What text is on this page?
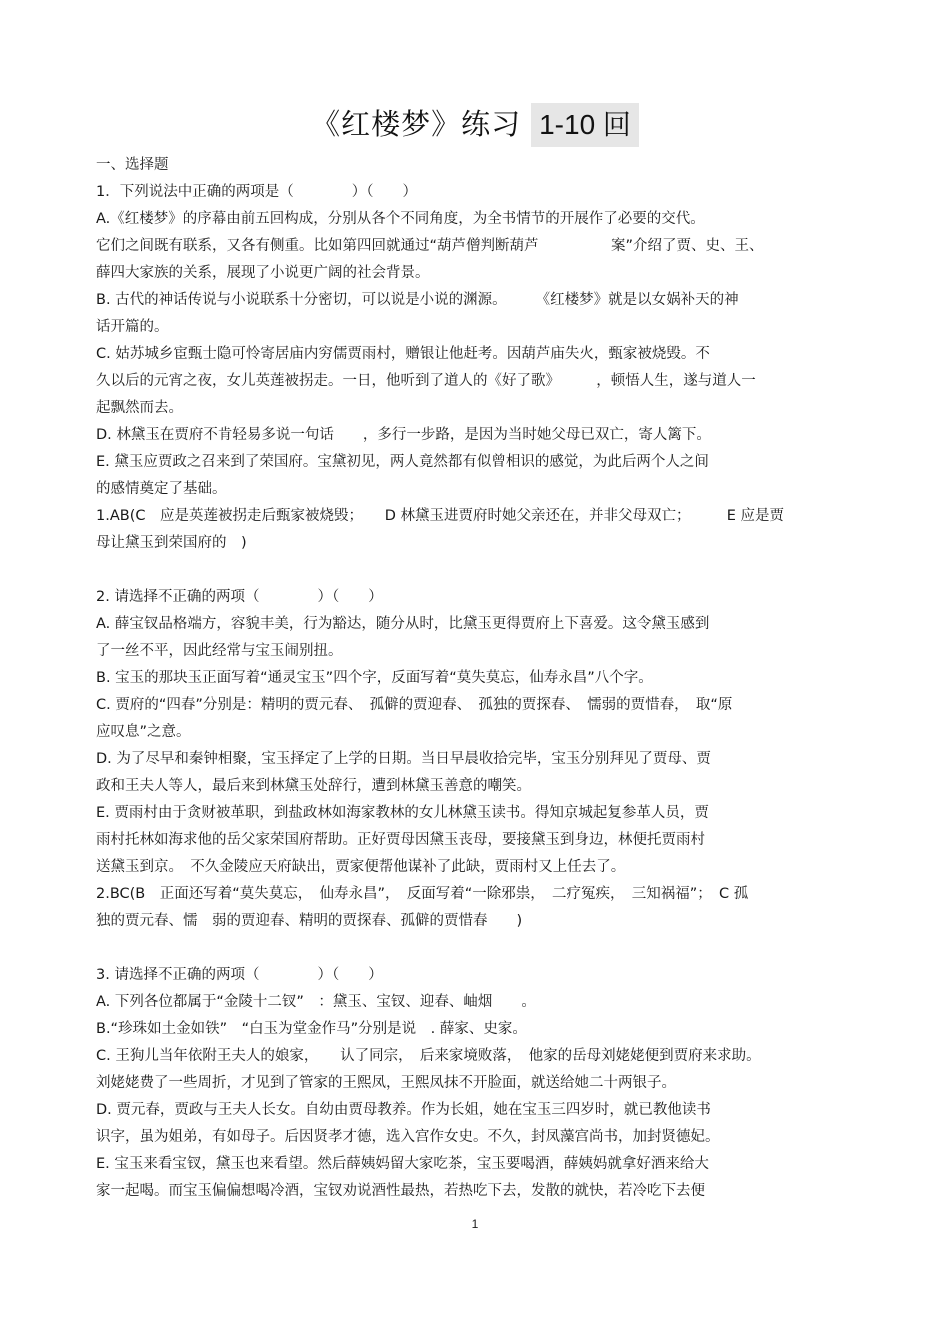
《红楼梦》练习 1-10 回
一、选择题
1．下列说法中正确的两项是（　　　　）（　　）
A.《红楼梦》的序幕由前五回构成，分别从各个不同角度，为全书情节的开展作了必要的交代。
它们之间既有联系，又各有侧重。比如第四回就通过“葫芦僧判断葫芦　　　　　案”介绍了贾、史、王、
薛四大家族的关系，展现了小说更广阔的社会背景。
B. 古代的神话传说与小说联系十分密切，可以说是小说的渊源。　　　《红楼梦》就是以女娲补天的神
话开篇的。
C. 姑苏城乡宦甄士隐可怜寄居庙内穷儒贾雨村，赠银让他赶考。因葫芦庙失火，甄家被烧毁。不
久以后的元宵之夜，女儿英莲被拐走。一日，他听到了道人的《好了歌》　　　，顿悟人生，遂与道人一
起飘然而去。
D. 林黛玉在贾府不肯轻易多说一句话　　，多行一步路，是因为当时她父母已双亡，寄人篱下。
E. 黛玉应贾政之召来到了荣国府。宝黛初见，两人竟然都有似曾相识的感觉，为此后两个人之间
的感情奠定了基础。
1.AB(C　应是英莲被拐走后甄家被烧毁；　　D 林黛玉进贾府时她父亲还在，并非父母双亡；　　　E 应是贾
母让黛玉到荣国府的　)
2. 请选择不正确的两项（　　　　）（　　）
A. 薛宝钗品格端方，容貌丰美，行为豁达，随分从时，比黛玉更得贾府上下喜爱。这令黛玉感到
了一丝不平，因此经常与宝玉闹别扭。
B. 宝玉的那块玉正面写着“通灵宝玉”四个字，反面写着“莫失莫忘，仙寿永昌”八个字。
C. 贾府的“四春”分别是：精明的贾元春、　孤僻的贾迎春、　孤独的贾探春、　懦弱的贾惜春，　取“原
应叹息”之意。
D. 为了尽早和秦钟相聚，宝玉择定了上学的日期。当日早晨收拾完毕，宝玉分别拜见了贾母、贾
政和王夫人等人，最后来到林黛玉处辞行，遭到林黛玉善意的嘲笑。
E. 贾雨村由于贪财被革职，到盐政林如海家教林的女儿林黛玉读书。得知京城起复参革人员，贾
雨村托林如海求他的岳父家荣国府帮助。正好贾母因黛玉丧母，要接黛玉到身边，林便托贾雨村
送黛玉到京。　不久金陵应天府缺出，贾家便帮他谋补了此缺，贾雨村又上任去了。
2.BC(B　正面还写着“莫失莫忘，　仙寿永昌”，　反面写着“一除邪祟，　二疗冤疾，　三知祸福”；　C 孤
独的贾元春、懦　弱的贾迎春、精明的贾探春、孤僻的贾惜春　　)
3. 请选择不正确的两项（　　　　）（　　）
A. 下列各位都属于“金陵十二钗”　：黛玉、宝钗、迎春、岫烟　　。
B.“珍珠如土金如铁”　“白玉为堂金作马”分别是说　. 薛家、史家。
C. 王狗儿当年依附王夫人的娘家，　　认了同宗，　后来家境败落，　他家的岳母刘姥姥便到贾府来求助。
刘姥姥费了一些周折，才见到了管家的王熙凤，王熙凤抹不开脸面，就送给她二十两银子。
D. 贾元春，贾政与王夫人长女。自幼由贾母教养。作为长姐，她在宝玉三四岁时，就已教他读书
识字，虽为姐弟，有如母子。后因贤孝才德，选入宫作女史。不久，封凤藻宫尚书，加封贤德妃。
E. 宝玉来看宝钗，黛玉也来看望。然后薛姨妈留大家吃茶，宝玉要喝酒，薛姨妈就拿好酒来给大
家一起喝。而宝玉偏偏想喝冷酒，宝钗劝说酒性最热，若热吃下去，发散的就快，若冷吃下去便
1
